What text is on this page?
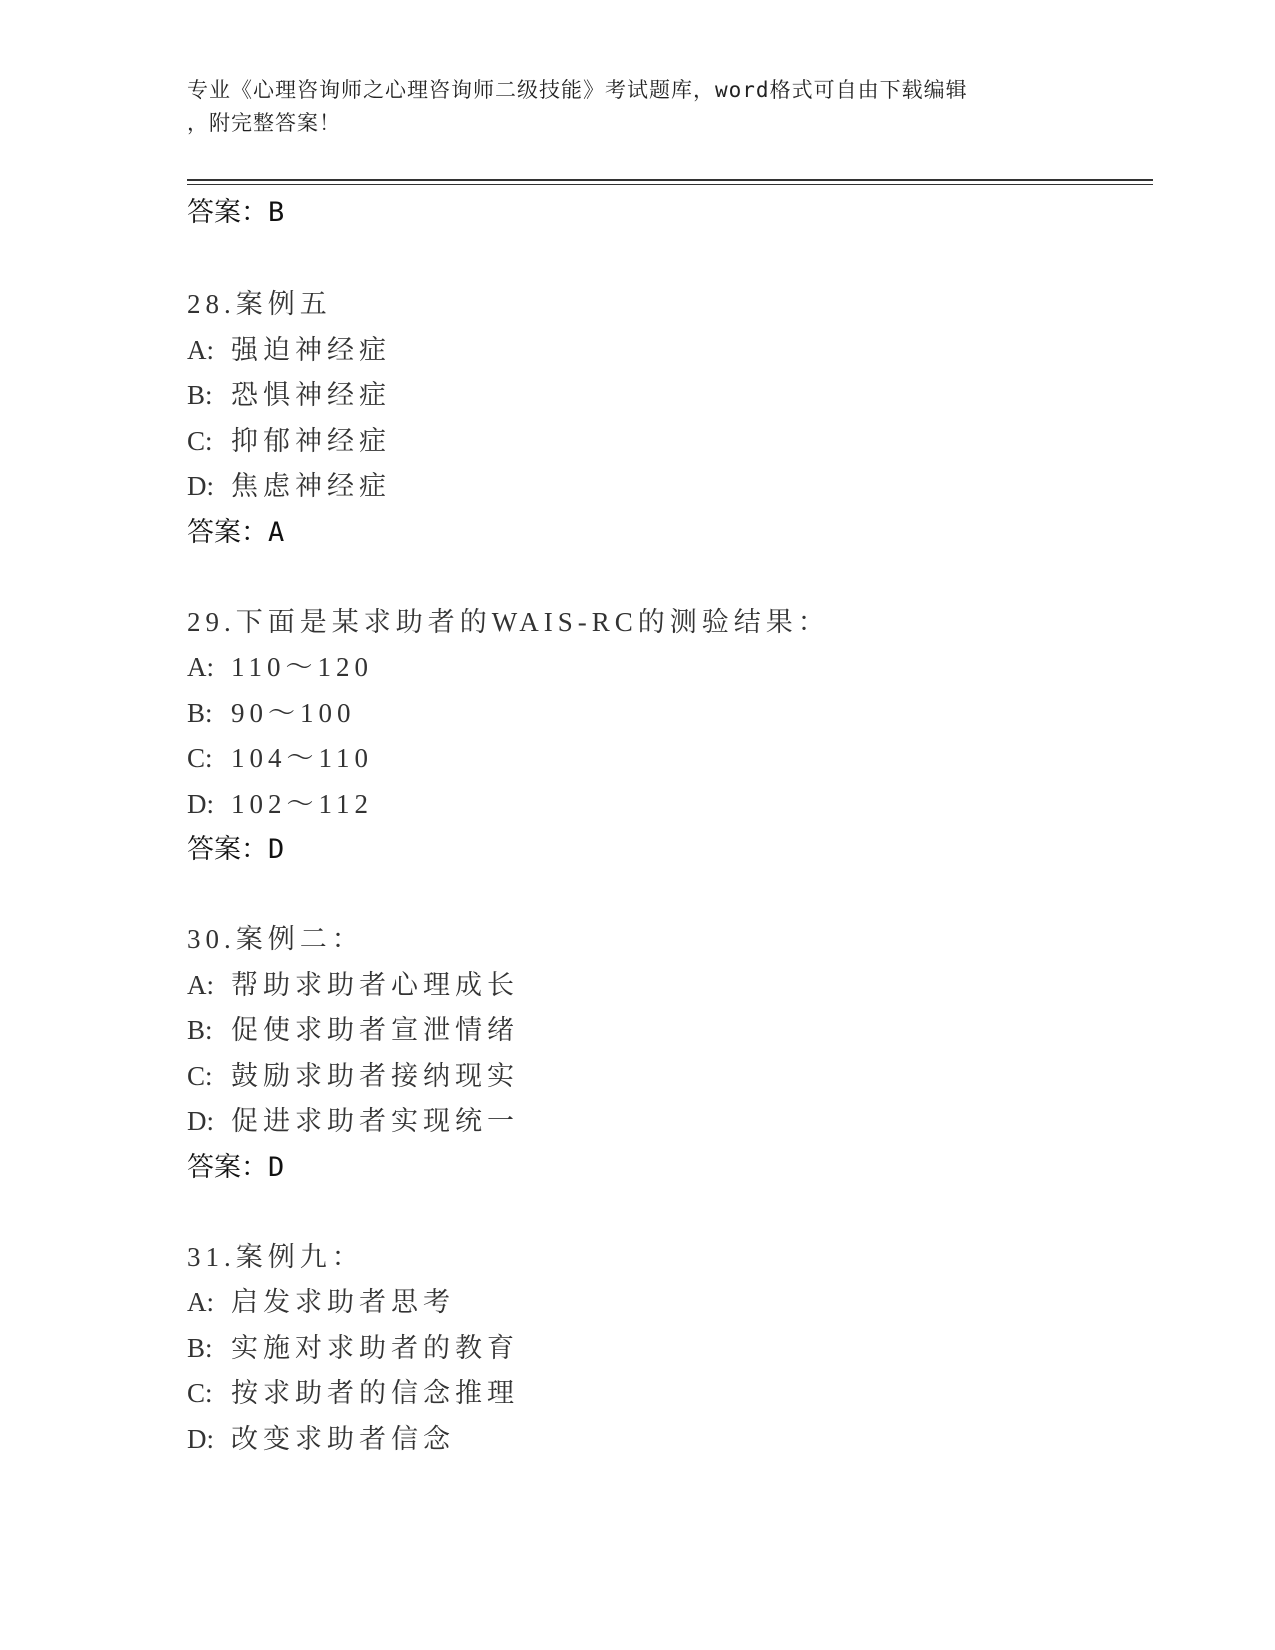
专业《心理咨询师之心理咨询师二级技能》考试题库，word格式可自由下载编辑
，附完整答案！
答案：B
28.案例五
A: 强迫神经症
B: 恐惧神经症
C: 抑郁神经症
D: 焦虑神经症
答案：A
29.下面是某求助者的WAIS-RC的测验结果：
A: 110～120
B: 90～100
C: 104～110
D: 102～112
答案：D
30.案例二：
A: 帮助求助者心理成长
B: 促使求助者宣泄情绪
C: 鼓励求助者接纳现实
D: 促进求助者实现统一
答案：D
31.案例九：
A: 启发求助者思考
B: 实施对求助者的教育
C: 按求助者的信念推理
D: 改变求助者信念
